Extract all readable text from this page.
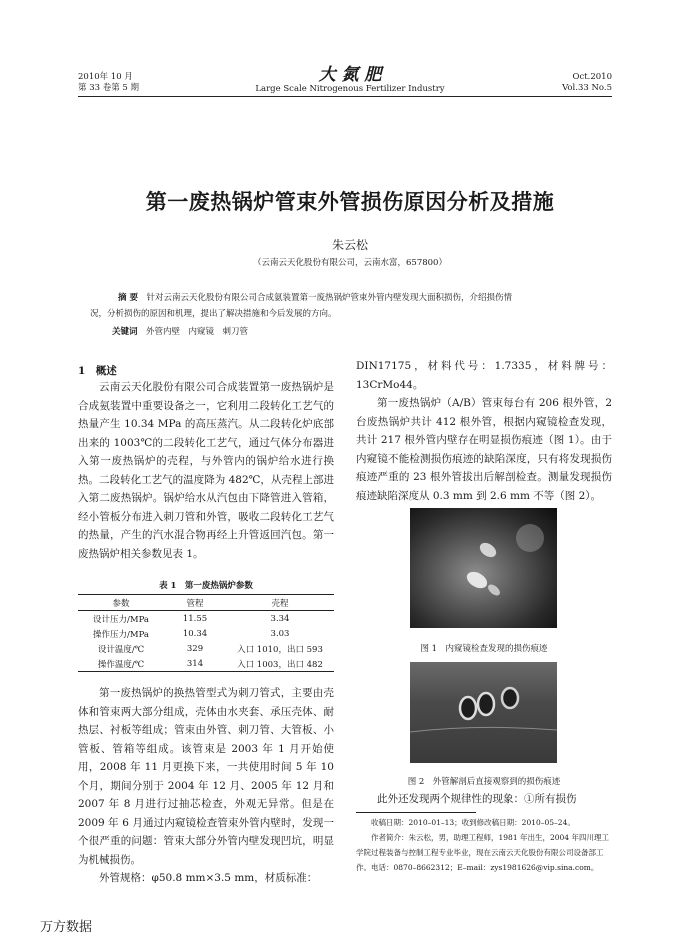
2010年 10 月
第 33 卷第 5 期
大 氮 肥
Large Scale Nitrogenous Fertilizer Industry
Oct.2010
Vol.33 No.5
第一废热锅炉管束外管损伤原因分析及措施
朱云松
（云南云天化股份有限公司，云南水富，657800）
摘 要　 针对云南云天化股份有限公司合成氨装置第一废热锅炉管束外管内壁发现大面积损伤，介绍损伤情
况，分析损伤的原因和机理，提出了解决措施和今后发展的方向。
关键词　 外管内壁　内窥镜　刺刀管
1　概述

云南云天化股份有限公司合成装置第一废热锅炉是合成氨装置中重要设备之一，它利用二段转化工艺气的热量产生 10.34 MPa 的高压蒸汽。从二段转化炉底部出来的 1003℃的二段转化工艺气，通过气体分布器进入第一废热锅炉的壳程，与外管内的锅炉给水进行换热。二段转化工艺气的温度降为 482℃，从壳程上部进入第二废热锅炉。锅炉给水从汽包由下降管进入管箱，经小管板分布进入刺刀管和外管，吸收二段转化工艺气的热量，产生的汽水混合物再经上升管返回汽包。第一废热锅炉相关参数见表 1。

表 1　第一废热锅炉参数
参数	管程	壳程
设计压力/MPa	11.55	3.34
操作压力/MPa	10.34	3.03
设计温度/℃	329	入口 1010，出口 593
操作温度/℃	314	入口 1003，出口 482

第一废热锅炉的换热管型式为刺刀管式，主要由壳体和管束两大部分组成，壳体由水夹套、承压壳体、耐热层、衬板等组成；管束由外管、刺刀管、大管板、小管板、管箱等组成。该管束是 2003 年 1 月开始使用，2008 年 11 月更换下来，一共使用时间 5 年 10 个月，期间分别于 2004 年 12 月、2005 年 12 月和 2007 年 8 月进行过抽芯检查，外观无异常。但是在 2009 年 6 月通过内窥镜检查管束外管内壁时，发现一个很严重的问题：管束大部分外管内壁发现凹坑，明显为机械损伤。

外管规格：φ50.8 mm×3.5 mm，材质标准：

DIN17175，材料代号：1.7335，材料牌号：13CrMo44。

第一废热锅炉（A/B）管束每台有 206 根外管，2 台废热锅炉共计 412 根外管，根据内窥镜检查发现，共计 217 根外管内壁存在明显损伤痕迹（图 1）。由于内窥镜不能检测损伤痕迹的缺陷深度，只有将发现损伤痕迹严重的 23 根外管拔出后解剖检查。测量发现损伤痕迹缺陷深度从 0.3 mm 到 2.6 mm 不等（图 2）。

图 1　内窥镜检查发现的损伤痕迹
图 2　外管解剖后直接观察到的损伤痕迹

此外还发现两个规律性的现象：①所有损伤

收稿日期：2010–01–13；收到修改稿日期：2010–05–24。
作者简介：朱云松，男，助理工程师，1981 年出生，2004 年四川理工学院过程装备与控制工程专业毕业，现在云南云天化股份有限公司设备部工作。电话：0870–8662312；E–mail：zys1981626@vip.sina.com。
万方数据
